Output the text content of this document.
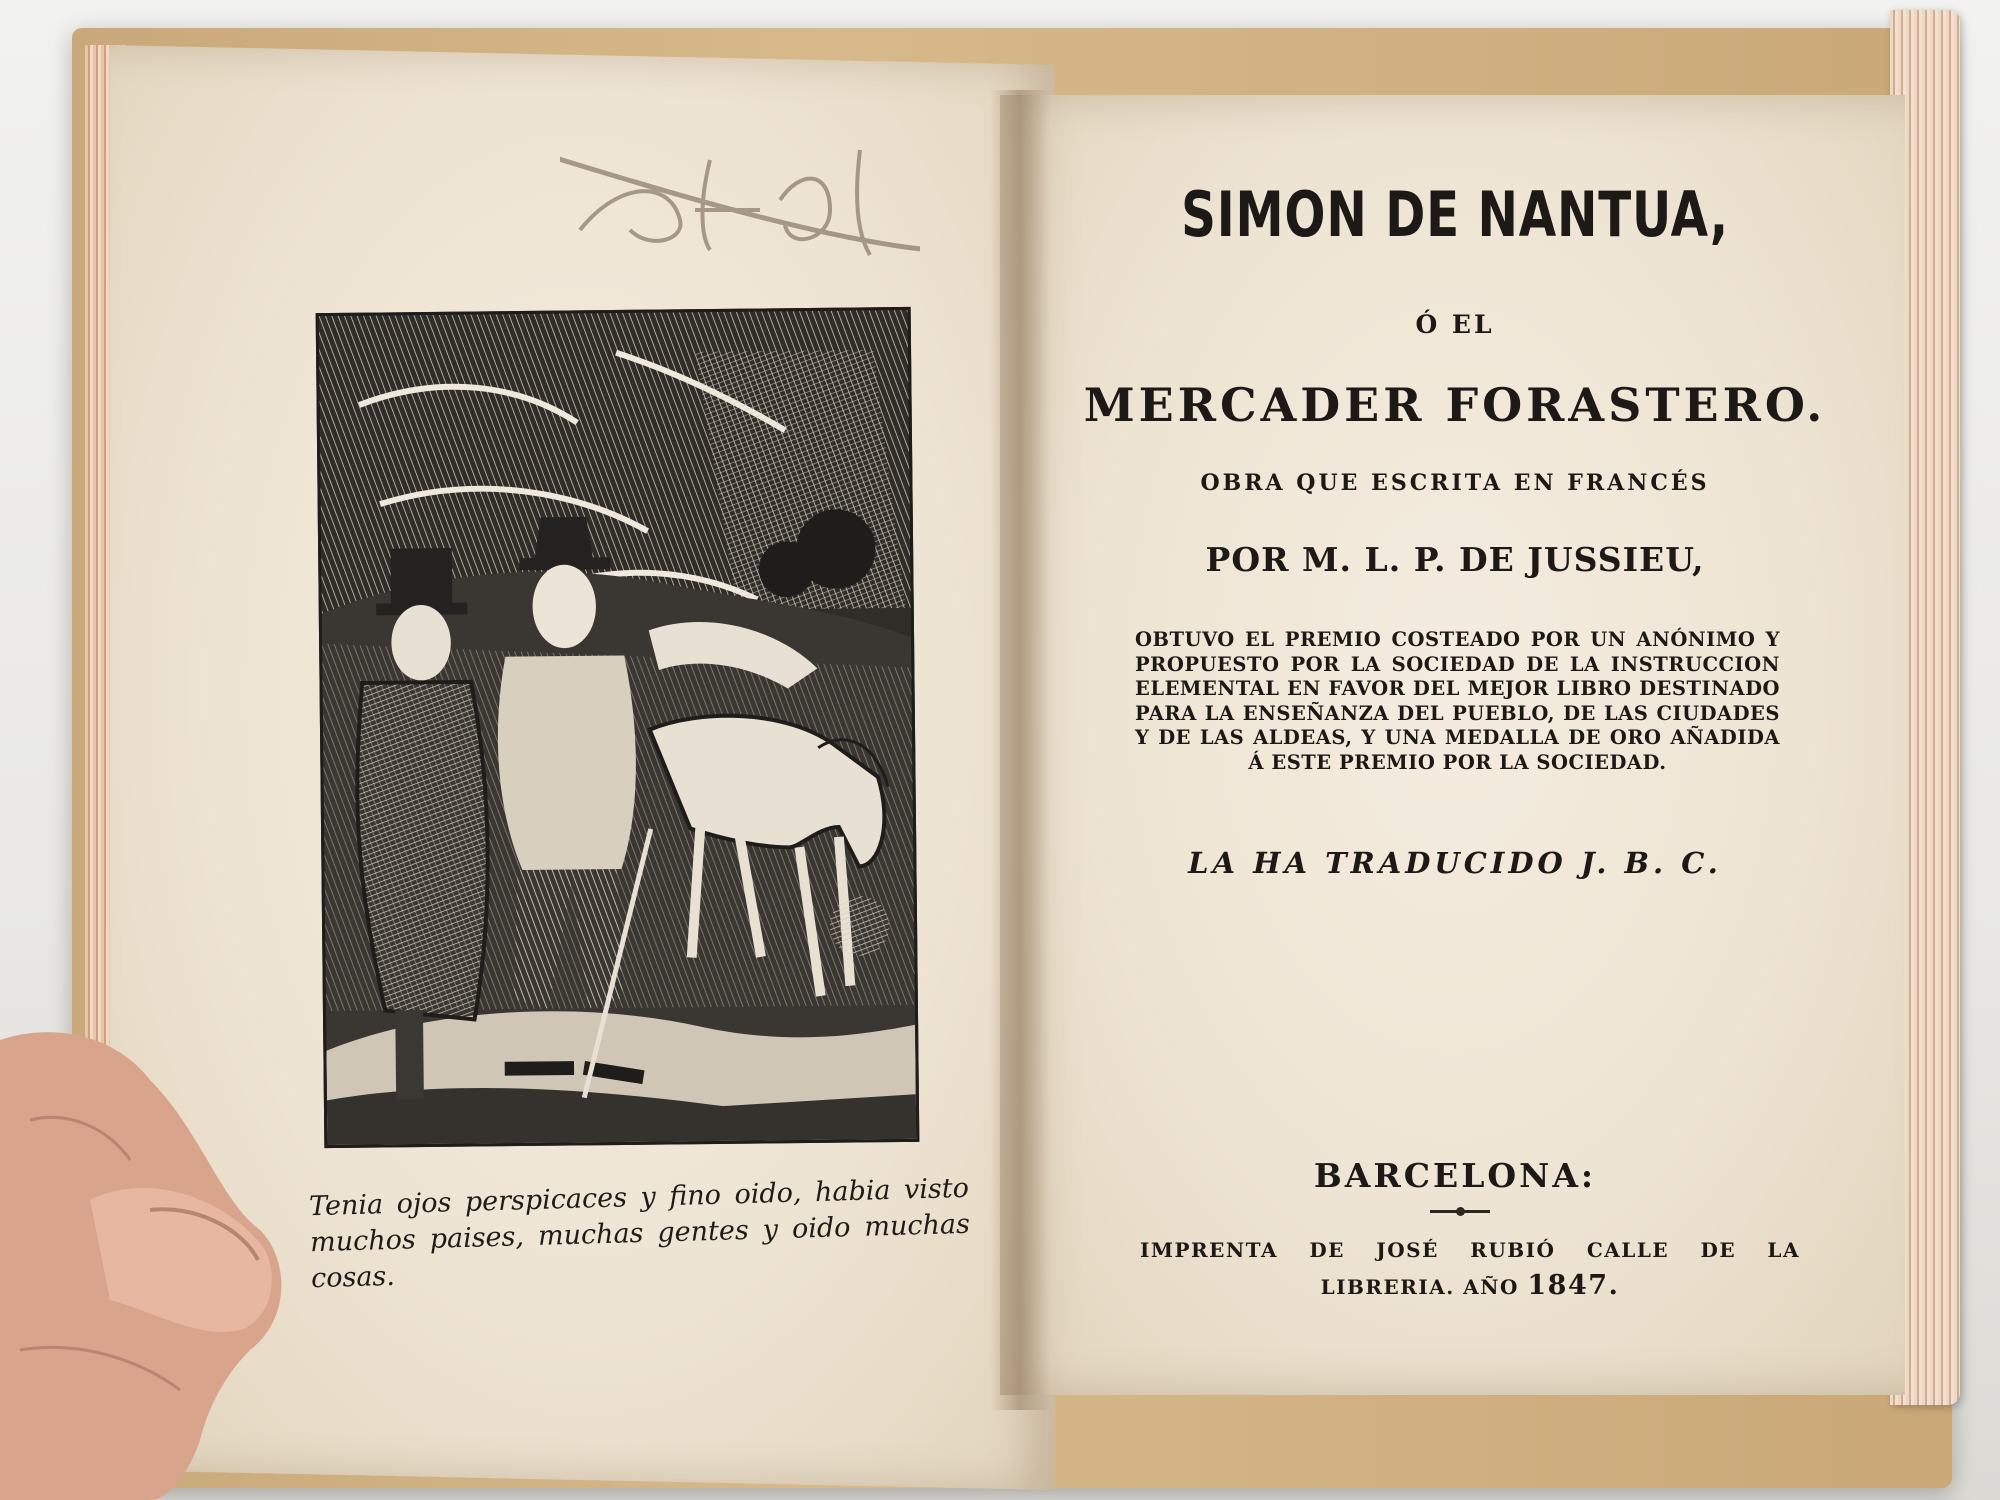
Tenia ojos perspicaces y fino oido, habia visto muchos paises, muchas gentes y oido muchas cosas.
SIMON DE NANTUA,
Ó EL
MERCADER FORASTERO.
OBRA QUE ESCRITA EN FRANCÉS
POR M. L. P. DE JUSSIEU,
OBTUVO EL PREMIO COSTEADO POR UN ANÓNIMO Y PROPUESTO POR LA SOCIEDAD DE LA INSTRUCCION ELEMENTAL EN FAVOR DEL MEJOR LIBRO DESTINADO PARA LA ENSEÑANZA DEL PUEBLO, DE LAS CIUDADES Y DE LAS ALDEAS, Y UNA MEDALLA DE ORO AÑADIDA Á ESTE PREMIO POR LA SOCIEDAD.
LA HA TRADUCIDO J. B. C.
BARCELONA:
IMPRENTA DE JOSÉ RUBIÓ CALLE DE LA LIBRERIA. AÑO 1847.
